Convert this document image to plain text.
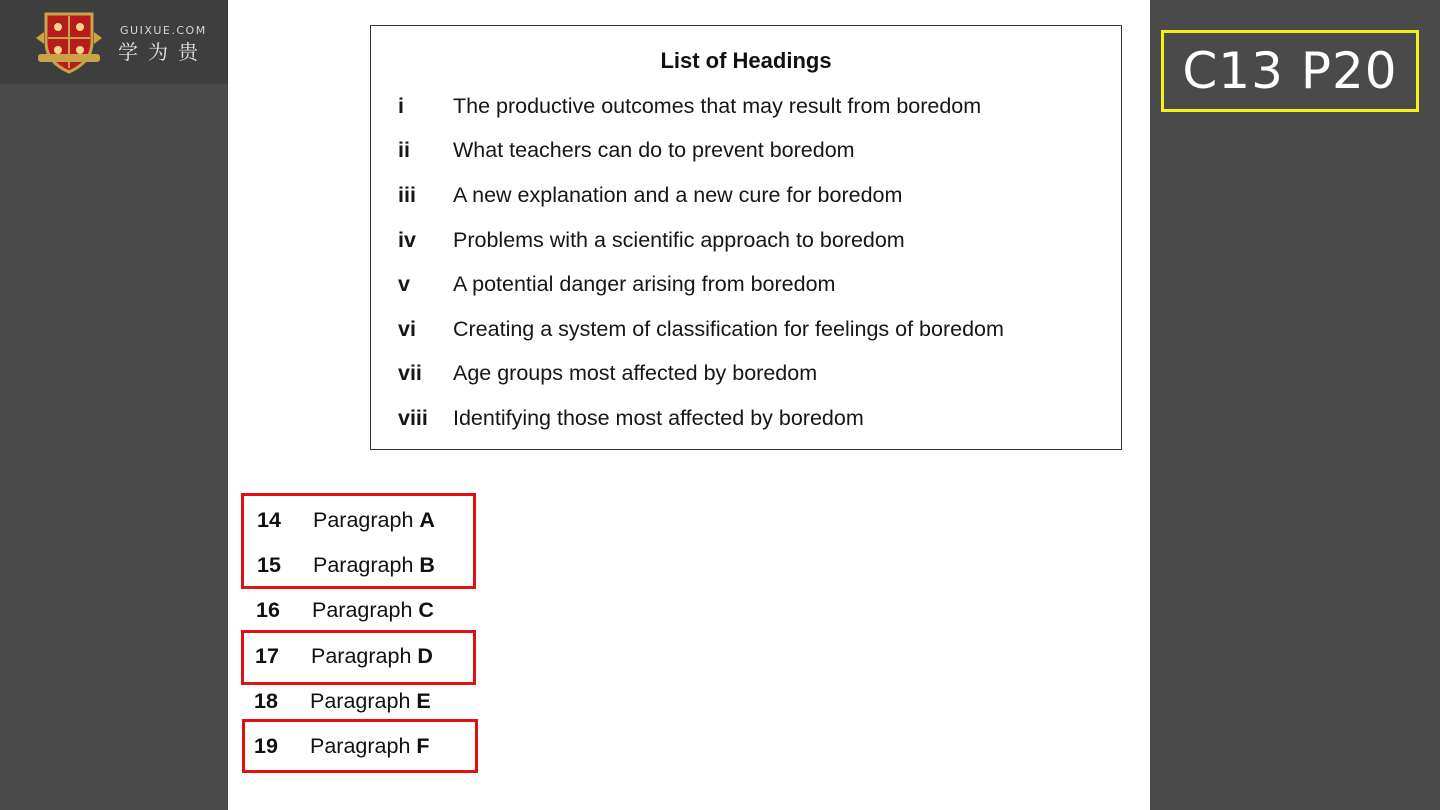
GUIXUE.COM
学为贵	List of Headings
i	The productive outcomes that may result from boredom
ii	What teachers can do to prevent boredom
iii	A new explanation and a new cure for boredom
iv	Problems with a scientific approach to boredom
v	A potential danger arising from boredom
vi	Creating a system of classification for feelings of boredom
vii	Age groups most affected by boredom
viii	Identifying those most affected by boredom
14	Paragraph A
15	Paragraph B
16	Paragraph C
17	Paragraph D
18	Paragraph E
19	Paragraph F
C13 P20
